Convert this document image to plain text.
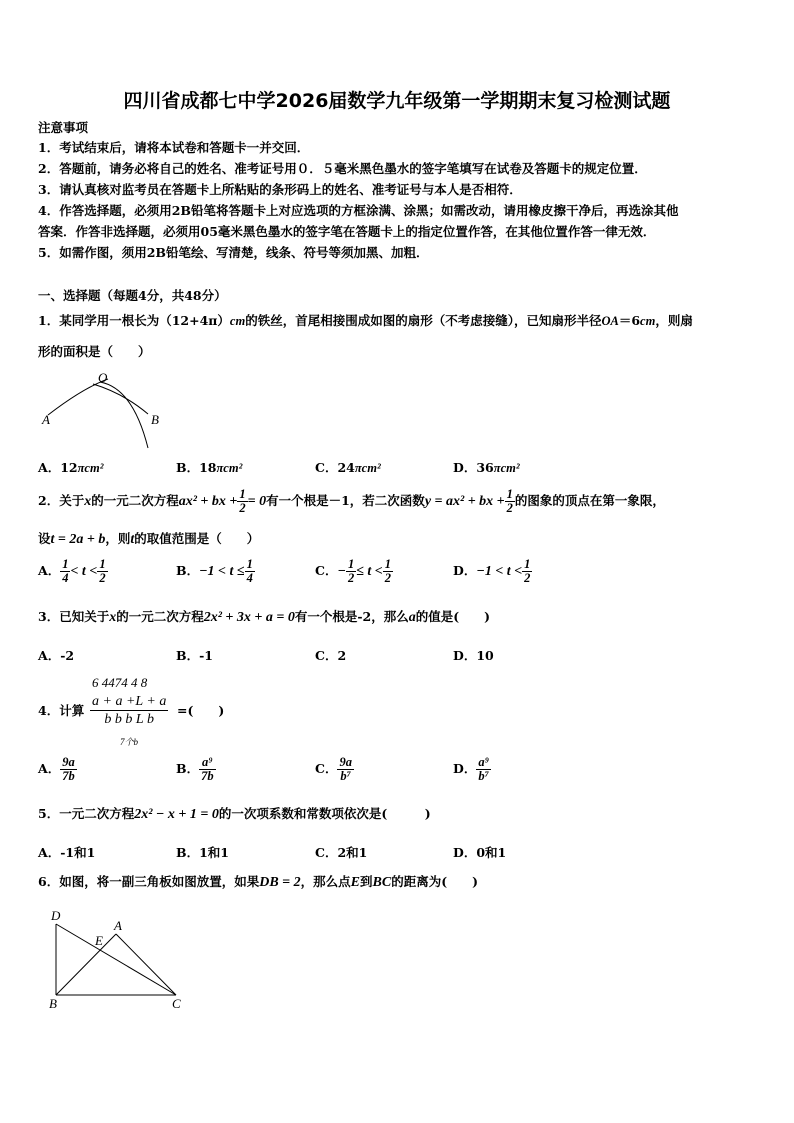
四川省成都七中学2026届数学九年级第一学期期末复习检测试题
注意事项
1．考试结束后，请将本试卷和答题卡一并交回．
2．答题前，请务必将自己的姓名、准考证号用０．５毫米黑色墨水的签字笔填写在试卷及答题卡的规定位置．
3．请认真核对监考员在答题卡上所粘贴的条形码上的姓名、准考证号与本人是否相符．
4．作答选择题，必须用2B铅笔将答题卡上对应选项的方框涂满、涂黑；如需改动，请用橡皮擦干净后，再选涂其他
答案．作答非选择题，必须用05毫米黑色墨水的签字笔在答题卡上的指定位置作答，在其他位置作答一律无效．
5．如需作图，须用2B铅笔绘、写清楚，线条、符号等须加黑、加粗．
一、选择题（每题4分，共48分）
1．某同学用一根长为（12+4π）cm的铁丝，首尾相接围成如图的扇形（不考虑接缝），已知扇形半径OA＝6cm，则扇
形的面积是（　　）
O
A	B
A．12πcm²	B．18πcm²	C．24πcm²	D．36πcm²
2．关于x的一元二次方程ax² + bx + $\frac{1}{2} = 0$有一个根是－1，若二次函数y = ax² + bx + $\frac{1}{2}$ 的图象的顶点在第一象限，
设t = 2a + b，则t的取值范围是（　　）
A． $\frac{1}{4} < t < \frac{1}{2}$	B．$-1 < t \le \frac{1}{4}$	C．− $\frac{1}{2} \le t < \frac{1}{2}$	D．$-1 < t < \frac{1}{2}$
3．已知关于x的一元二次方程2x² + 3x + a = 0有一个根是-2，那么a的值是(　　)
A．-2	B．-1	C．2	D．10
6 4474 4 8
4．计算 $\frac{a + a +L + a}{\text{b b b L b}}$
7个b
=(　　)
A． $\frac{9a}{7b}$	B． $\frac{\text{a⁹}}{7b}$	C． $\frac{9a}{\text{b⁷}}$	D． $\frac{\text{a⁹}}{\text{b⁷}}$
5．一元二次方程2x² − x + 1 = 0的一次项系数和常数项依次是(　　　)
A．-1和1	B．1和1	C．2和1	D．0和1
6．如图，将一副三角板如图放置，如果DB = 2，那么点E到BC的距离为(　　)
D
A
E
B	C
